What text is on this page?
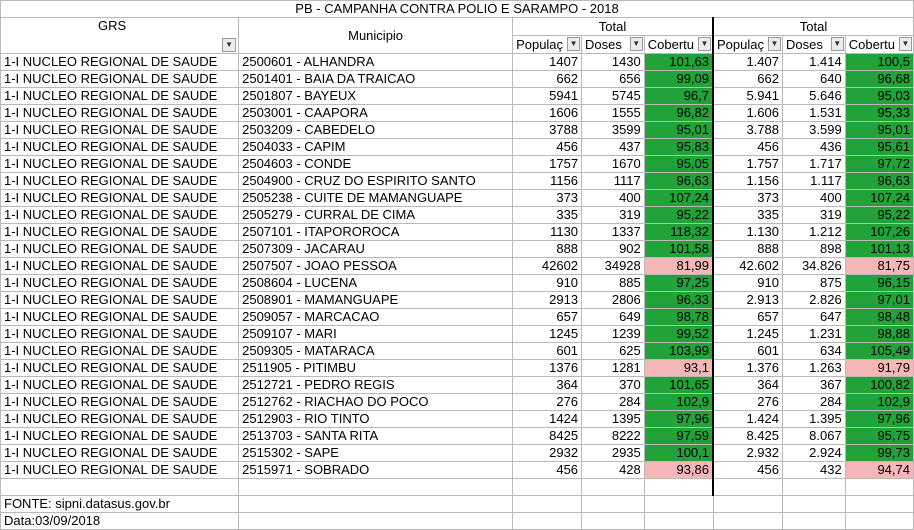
PB - CAMPANHA CONTRA POLIO E SARAMPO - 2018							
GRS
▼	Municipio	Total			Total		
		Populaç ▼	Doses ▼	Cobertu ▼	Populaç ▼	Doses ▼	Cobertu ▼

1-I NUCLEO REGIONAL DE SAUDE	2500601 - ALHANDRA	1407	1430	101,63	1.407	1.414	100,5
1-I NUCLEO REGIONAL DE SAUDE	2501401 - BAIA DA TRAICAO	662	656	99,09	662	640	96,68
1-I NUCLEO REGIONAL DE SAUDE	2501807 - BAYEUX	5941	5745	96,7	5.941	5.646	95,03
1-I NUCLEO REGIONAL DE SAUDE	2503001 - CAAPORA	1606	1555	96,82	1.606	1.531	95,33
1-I NUCLEO REGIONAL DE SAUDE	2503209 - CABEDELO	3788	3599	95,01	3.788	3.599	95,01
1-I NUCLEO REGIONAL DE SAUDE	2504033 - CAPIM	456	437	95,83	456	436	95,61
1-I NUCLEO REGIONAL DE SAUDE	2504603 - CONDE	1757	1670	95,05	1.757	1.717	97,72
1-I NUCLEO REGIONAL DE SAUDE	2504900 - CRUZ DO ESPIRITO SANTO	1156	1117	96,63	1.156	1.117	96,63
1-I NUCLEO REGIONAL DE SAUDE	2505238 - CUITE DE MAMANGUAPE	373	400	107,24	373	400	107,24
1-I NUCLEO REGIONAL DE SAUDE	2505279 - CURRAL DE CIMA	335	319	95,22	335	319	95,22
1-I NUCLEO REGIONAL DE SAUDE	2507101 - ITAPOROROCA	1130	1337	118,32	1.130	1.212	107,26
1-I NUCLEO REGIONAL DE SAUDE	2507309 - JACARAU	888	902	101,58	888	898	101,13
1-I NUCLEO REGIONAL DE SAUDE	2507507 - JOAO PESSOA	42602	34928	81,99	42.602	34.826	81,75
1-I NUCLEO REGIONAL DE SAUDE	2508604 - LUCENA	910	885	97,25	910	875	96,15
1-I NUCLEO REGIONAL DE SAUDE	2508901 - MAMANGUAPE	2913	2806	96,33	2.913	2.826	97,01
1-I NUCLEO REGIONAL DE SAUDE	2509057 - MARCACAO	657	649	98,78	657	647	98,48
1-I NUCLEO REGIONAL DE SAUDE	2509107 - MARI	1245	1239	99,52	1.245	1.231	98,88
1-I NUCLEO REGIONAL DE SAUDE	2509305 - MATARACA	601	625	103,99	601	634	105,49
1-I NUCLEO REGIONAL DE SAUDE	2511905 - PITIMBU	1376	1281	93,1	1.376	1.263	91,79
1-I NUCLEO REGIONAL DE SAUDE	2512721 - PEDRO REGIS	364	370	101,65	364	367	100,82
1-I NUCLEO REGIONAL DE SAUDE	2512762 - RIACHAO DO POCO	276	284	102,9	276	284	102,9
1-I NUCLEO REGIONAL DE SAUDE	2512903 - RIO TINTO	1424	1395	97,96	1.424	1.395	97,96
1-I NUCLEO REGIONAL DE SAUDE	2513703 - SANTA RITA	8425	8222	97,59	8.425	8.067	95,75
1-I NUCLEO REGIONAL DE SAUDE	2515302 - SAPE	2932	2935	100,1	2.932	2.924	99,73
1-I NUCLEO REGIONAL DE SAUDE	2515971 - SOBRADO	456	428	93,86	456	432	94,74

FONTE: sipni.datasus.gov.br							
Data:03/09/2018							
